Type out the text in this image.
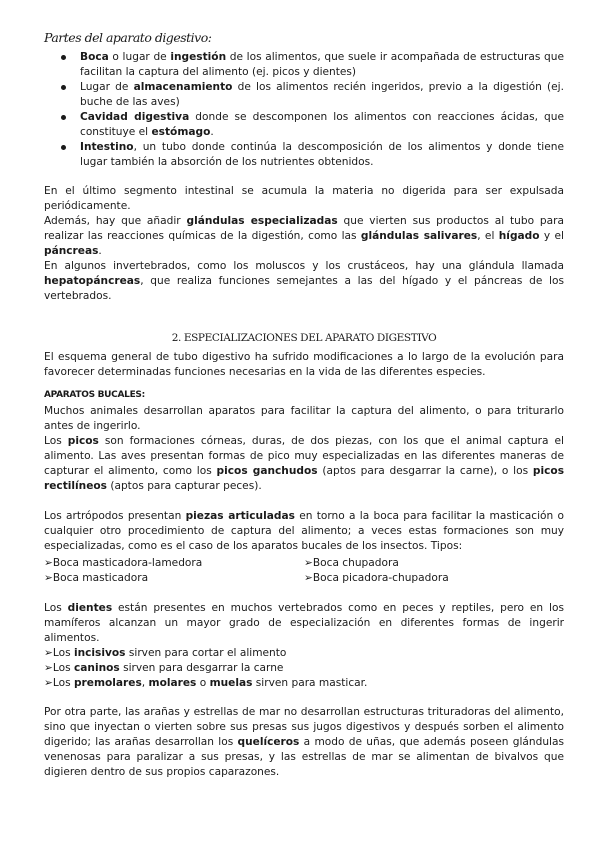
Partes del aparato digestivo:
Boca o lugar de ingestión de los alimentos, que suele ir acompañada de estructuras que facilitan la captura del alimento (ej. picos y dientes)
Lugar de almacenamiento de los alimentos recién ingeridos, previo a la digestión (ej. buche de las aves)
Cavidad digestiva donde se descomponen los alimentos con reacciones ácidas, que constituye el estómago.
Intestino, un tubo donde continúa la descomposición de los alimentos y donde tiene lugar también la absorción de los nutrientes obtenidos.

En el último segmento intestinal se acumula la materia no digerida para ser expulsada periódicamente.

Además, hay que añadir glándulas especializadas que vierten sus productos al tubo para realizar las reacciones químicas de la digestión, como las glándulas salivares, el hígado y el páncreas.

En algunos invertebrados, como los moluscos y los crustáceos, hay una glándula llamada hepatopáncreas, que realiza funciones semejantes a las del hígado y el páncreas de los vertebrados.

2. ESPECIALIZACIONES DEL APARATO DIGESTIVO

El esquema general de tubo digestivo ha sufrido modificaciones a lo largo de la evolución para favorecer determinadas funciones necesarias en la vida de las diferentes especies.

APARATOS BUCALES:

Muchos animales desarrollan aparatos para facilitar la captura del alimento, o para triturarlo antes de ingerirlo.

Los picos son formaciones córneas, duras, de dos piezas, con los que el animal captura el alimento. Las aves presentan formas de pico muy especializadas en las diferentes maneras de capturar el alimento, como los picos ganchudos (aptos para desgarrar la carne), o los picos rectilíneos (aptos para capturar peces).

Los artrópodos presentan piezas articuladas en torno a la boca para facilitar la masticación o cualquier otro procedimiento de captura del alimento; a veces estas formaciones son muy especializadas, como es el caso de los aparatos bucales de los insectos. Tipos:

➢Boca masticadora-lamedora	➢Boca chupadora
➢Boca masticadora	➢Boca picadora-chupadora

Los dientes están presentes en muchos vertebrados como en peces y reptiles, pero en los mamíferos alcanzan un mayor grado de especialización en diferentes formas de ingerir alimentos.

➢Los incisivos sirven para cortar el alimento
➢Los caninos sirven para desgarrar la carne
➢Los premolares, molares o muelas sirven para masticar.

Por otra parte, las arañas y estrellas de mar no desarrollan estructuras trituradoras del alimento, sino que inyectan o vierten sobre sus presas sus jugos digestivos y después sorben el alimento digerido; las arañas desarrollan los quelíceros a modo de uñas, que además poseen glándulas venenosas para paralizar a sus presas, y las estrellas de mar se alimentan de bivalvos que digieren dentro de sus propios caparazones.
